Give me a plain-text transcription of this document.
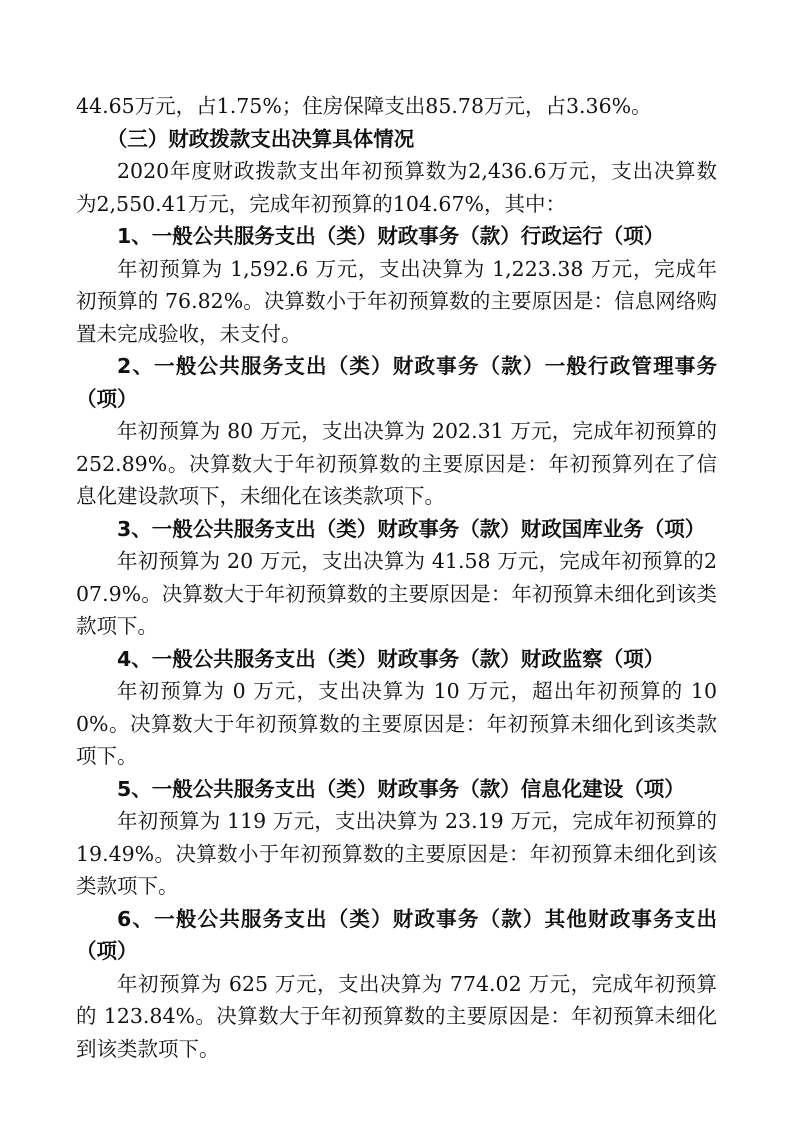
44.65万元，占1.75%；住房保障支出85.78万元，占3.36%。

（三）财政拨款支出决算具体情况

2020年度财政拨款支出年初预算数为2,436.6万元，支出决算数为2,550.41万元，完成年初预算的104.67%，其中：

1、一般公共服务支出（类）财政事务（款）行政运行（项）

年初预算为 1,592.6 万元，支出决算为 1,223.38 万元，完成年初预算的 76.82%。决算数小于年初预算数的主要原因是：信息网络购置未完成验收，未支付。

2、一般公共服务支出（类）财政事务（款）一般行政管理事务（项）

年初预算为 80 万元，支出决算为 202.31 万元，完成年初预算的252.89%。决算数大于年初预算数的主要原因是：年初预算列在了信息化建设款项下，未细化在该类款项下。

3、一般公共服务支出（类）财政事务（款）财政国库业务（项）

年初预算为 20 万元，支出决算为 41.58 万元，完成年初预算的207.9%。决算数大于年初预算数的主要原因是：年初预算未细化到该类款项下。

4、一般公共服务支出（类）财政事务（款）财政监察（项）

年初预算为 0 万元，支出决算为 10 万元，超出年初预算的 100%。决算数大于年初预算数的主要原因是：年初预算未细化到该类款项下。

5、一般公共服务支出（类）财政事务（款）信息化建设（项）

年初预算为 119 万元，支出决算为 23.19 万元，完成年初预算的19.49%。决算数小于年初预算数的主要原因是：年初预算未细化到该类款项下。

6、一般公共服务支出（类）财政事务（款）其他财政事务支出（项）

年初预算为 625 万元，支出决算为 774.02 万元，完成年初预算的 123.84%。决算数大于年初预算数的主要原因是：年初预算未细化到该类款项下。
